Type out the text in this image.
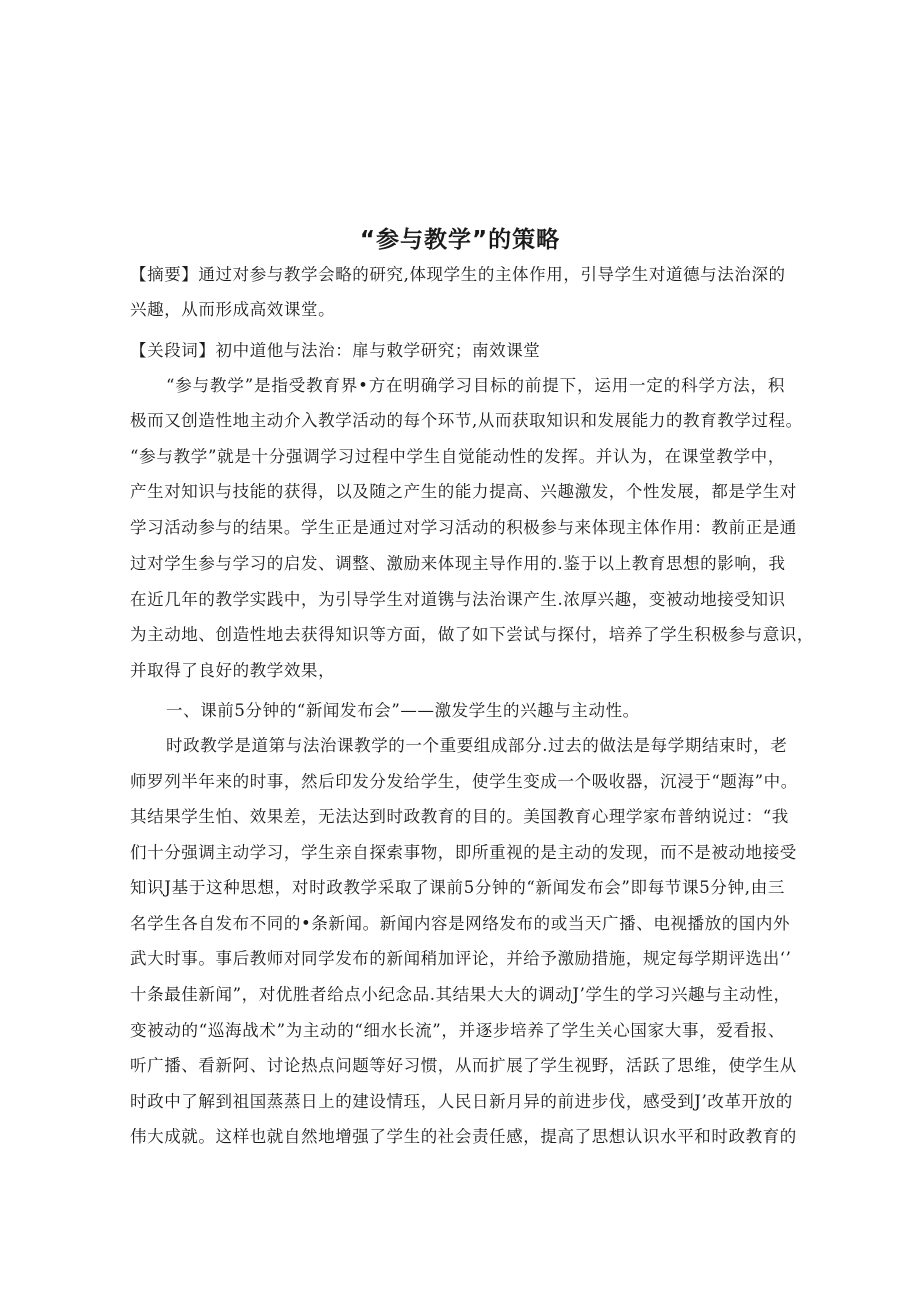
“参与教学”的策略
【摘要】通过对参与教学会略的研究,体现学生的主体作用，引导学生对道德与法治深的
兴趣，从而形成高效课堂。
【关段词】初中道他与法治：扉与敕学研究；南效课堂
“参与教学”是指受教育界•方在明确学习目标的前提下，运用一定的科学方法，积
极而又创造性地主动介入教学活动的每个环节,从而获取知识和发展能力的教育教学过程。
“参与教学”就是十分强调学习过程中学生自觉能动性的发挥。并认为，在课堂教学中，
产生对知识与技能的获得，以及随之产生的能力提高、兴趣激发，个性发展，都是学生对
学习活动参与的结果。学生正是通过对学习活动的积极参与来体现主体作用：教前正是通
过对学生参与学习的启发、调整、激励来体现主导作用的.鉴于以上教育思想的影响，我
在近几年的教学实践中，为引导学生对道镌与法治课产生.浓厚兴趣，变被动地接受知识
为主动地、创造性地去获得知识等方面，做了如下尝试与探付，培养了学生积极参与意识，
并取得了良好的教学效果，
一、课前5分钟的“新闻发布会”——激发学生的兴趣与主动性。
时政教学是道第与法治课教学的一个重要组成部分.过去的做法是每学期结束时，老
师罗列半年来的时事，然后印发分发给学生，使学生变成一个吸收器，沉浸于“题海”中。
其结果学生怕、效果差，无法达到时政教育的目的。美国教育心理学家布普纳说过：“我
们十分强调主动学习，学生亲自探索事物，即所重视的是主动的发现，而不是被动地接受
知识J基于这种思想，对时政教学采取了课前5分钟的“新闻发布会”即每节课5分钟,由三
名学生各自发布不同的•条新闻。新闻内容是网络发布的或当天广播、电视播放的国内外
武大时事。事后教师对同学发布的新闻稍加评论，并给予激励措施，规定每学期评选出‘’
十条最佳新闻”，对优胜者给点小纪念品.其结果大大的调动J’学生的学习兴趣与主动性，
变被动的“巡海战术”为主动的“细水长流”，并逐步培养了学生关心国家大事，爱看报、
听广播、看新阿、讨论热点问题等好习惯，从而扩展了学生视野，活跃了思维，使学生从
时政中了解到祖国蒸蒸日上的建设情珏，人民日新月异的前进步伐，感受到J’改革开放的
伟大成就。这样也就自然地增强了学生的社会责任感，提高了思想认识水平和时政教育的
